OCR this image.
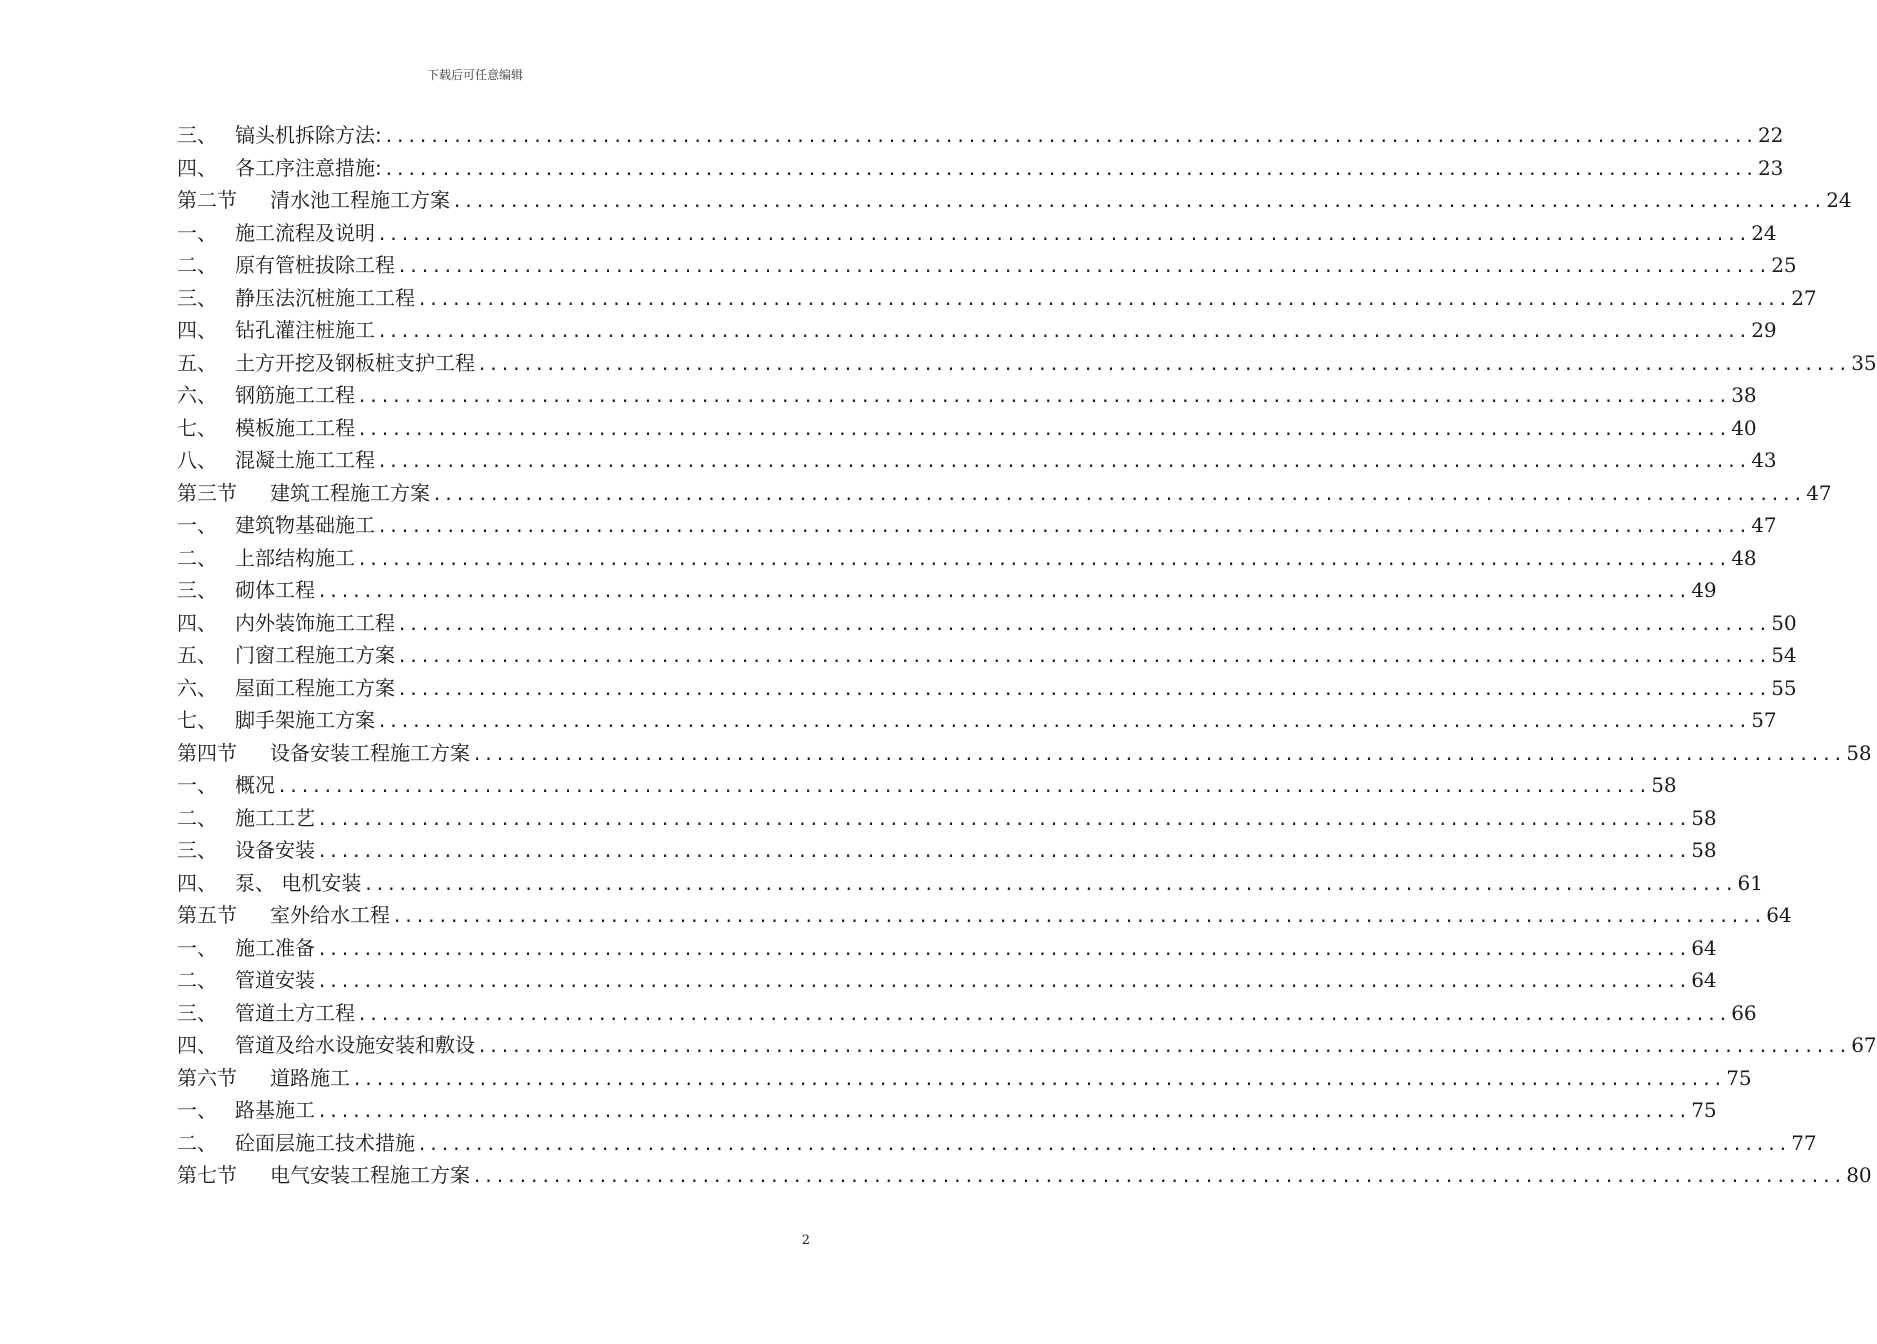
下载后可任意编辑
三、 镐头机拆除方法: ........................................................................................................................ 22
四、 各工序注意措施: ........................................................................................................................ 23
第二节	清水池工程施工方案 ........................................................................................................................ 24
一、 施工流程及说明 ........................................................................................................................ 24
二、 原有管桩拔除工程 ........................................................................................................................ 25
三、 静压法沉桩施工工程 ........................................................................................................................ 27
四、 钻孔灌注桩施工 ........................................................................................................................ 29
五、 土方开挖及钢板桩支护工程 ........................................................................................................................ 35
六、 钢筋施工工程 ........................................................................................................................ 38
七、 模板施工工程 ........................................................................................................................ 40
八、 混凝土施工工程 ........................................................................................................................ 43
第三节	建筑工程施工方案 ........................................................................................................................ 47
一、 建筑物基础施工 ........................................................................................................................ 47
二、 上部结构施工 ........................................................................................................................ 48
三、 砌体工程 ........................................................................................................................ 49
四、 内外装饰施工工程 ........................................................................................................................ 50
五、 门窗工程施工方案 ........................................................................................................................ 54
六、 屋面工程施工方案 ........................................................................................................................ 55
七、 脚手架施工方案 ........................................................................................................................ 57
第四节	设备安装工程施工方案 ........................................................................................................................ 58
一、 概况 ........................................................................................................................ 58
二、 施工工艺 ........................................................................................................................ 58
三、 设备安装 ........................................................................................................................ 58
四、 泵、 电机安装 ........................................................................................................................ 61
第五节	室外给水工程 ........................................................................................................................ 64
一、 施工准备 ........................................................................................................................ 64
二、 管道安装 ........................................................................................................................ 64
三、 管道土方工程 ........................................................................................................................ 66
四、 管道及给水设施安装和敷设 ........................................................................................................................ 67
第六节	道路施工 ........................................................................................................................ 75
一、 路基施工 ........................................................................................................................ 75
二、 砼面层施工技术措施 ........................................................................................................................ 77
第七节	电气安装工程施工方案 ........................................................................................................................ 80
2
